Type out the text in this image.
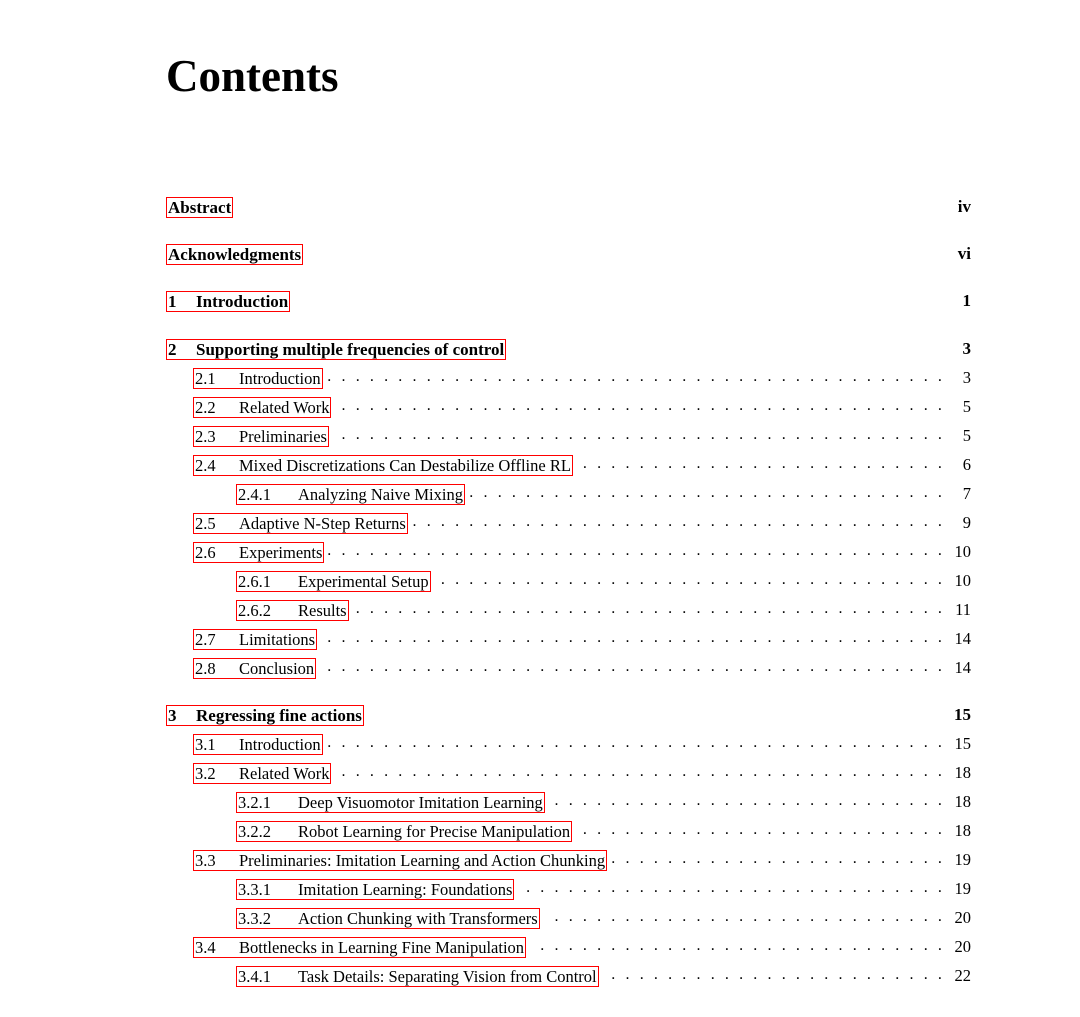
Contents
Abstract	iv
Acknowledgments	vi
1	Introduction	1
2	Supporting multiple frequencies of control	3
2.1	Introduction . . .	3
2.2	Related Work . . .	5
2.3	Preliminaries . . .	5
2.4	Mixed Discretizations Can Destabilize Offline RL . . .	6
2.4.1	Analyzing Naive Mixing . . .	7
2.5	Adaptive N-Step Returns . . .	9
2.6	Experiments . . .	10
2.6.1	Experimental Setup . . .	10
2.6.2	Results . . .	11
2.7	Limitations . . .	14
2.8	Conclusion . . .	14
3	Regressing fine actions	15
3.1	Introduction . . .	15
3.2	Related Work . . .	18
3.2.1	Deep Visuomotor Imitation Learning . . .	18
3.2.2	Robot Learning for Precise Manipulation . . .	18
3.3	Preliminaries: Imitation Learning and Action Chunking . . .	19
3.3.1	Imitation Learning: Foundations . . .	19
3.3.2	Action Chunking with Transformers . . .	20
3.4	Bottlenecks in Learning Fine Manipulation . . .	20
3.4.1	Task Details: Separating Vision from Control . . .	22
